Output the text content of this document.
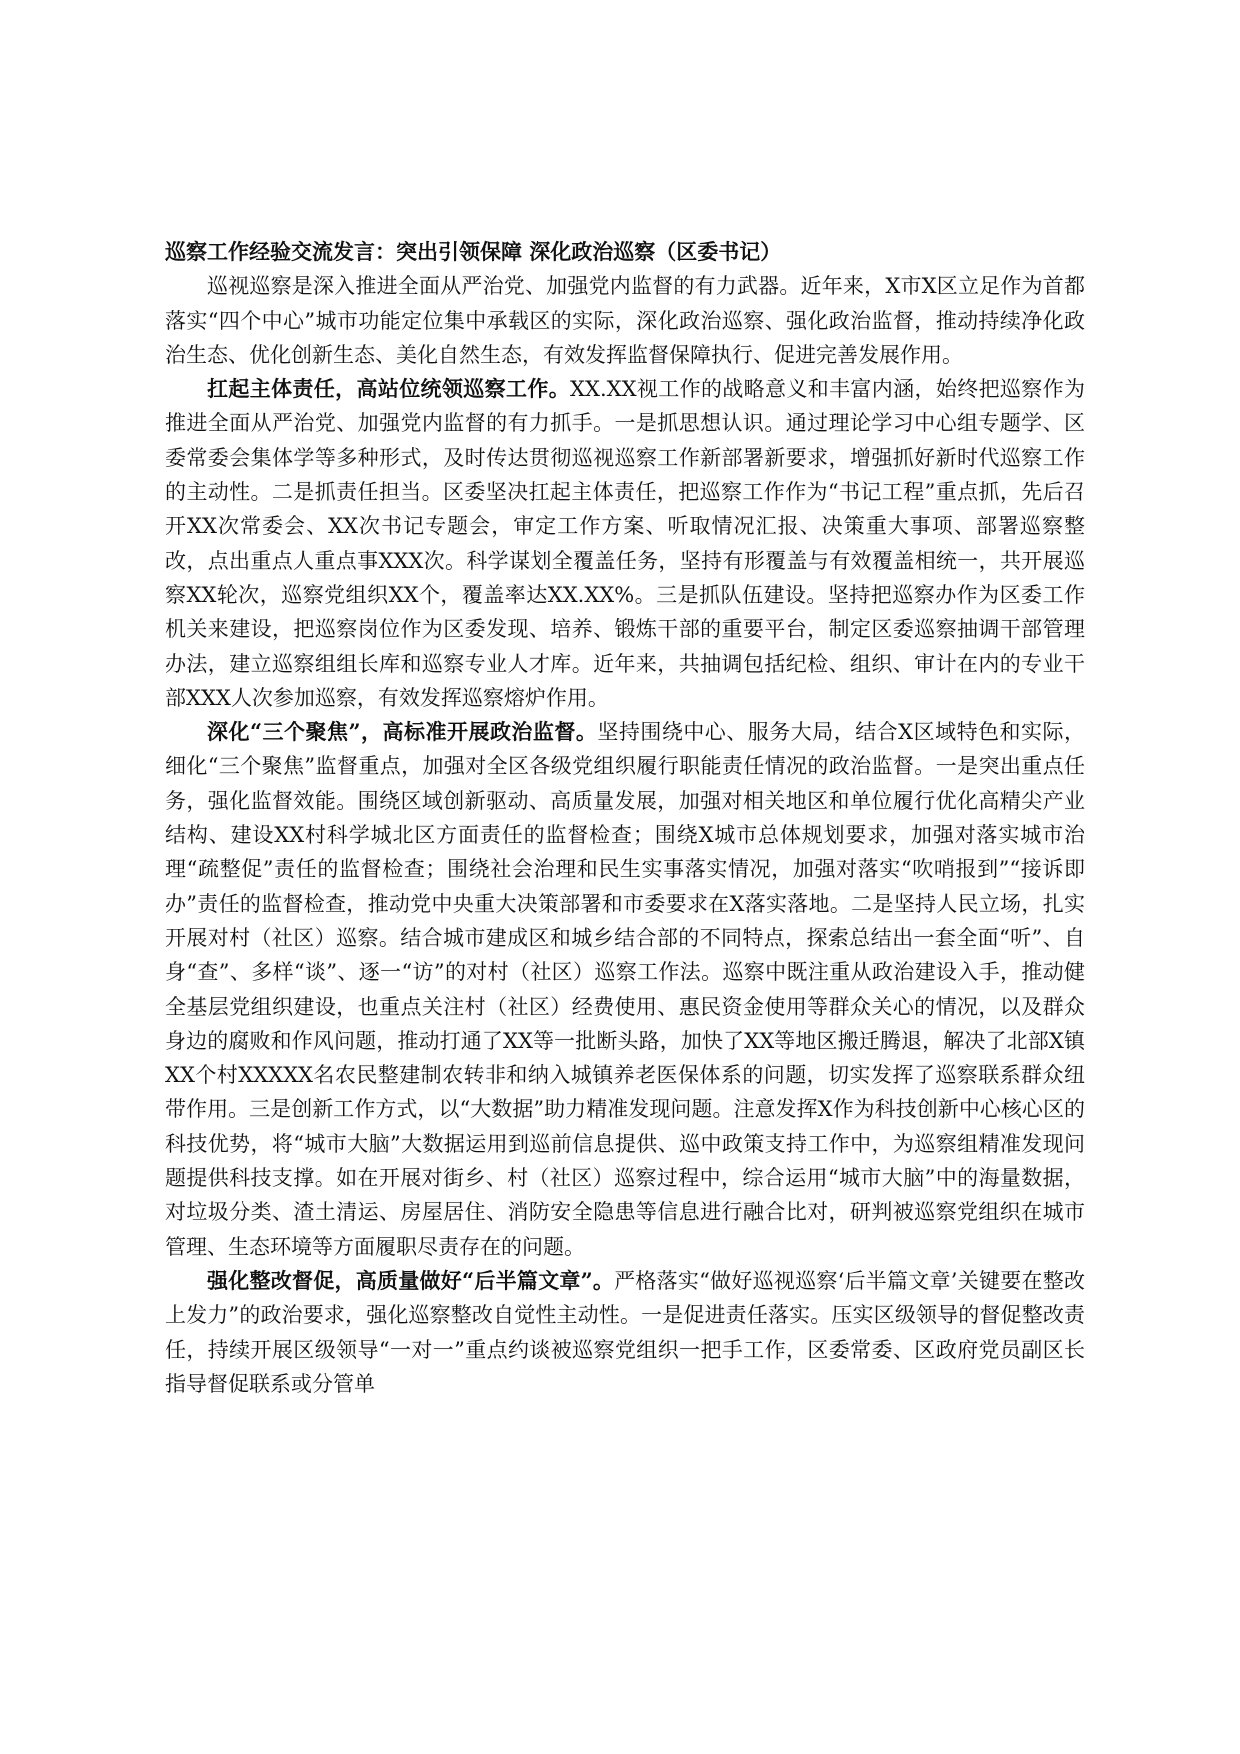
巡察工作经验交流发言：突出引领保障 深化政治巡察（区委书记）

巡视巡察是深入推进全面从严治党、加强党内监督的有力武器。近年来，X市X区立足作为首都落实“四个中心”城市功能定位集中承载区的实际，深化政治巡察、强化政治监督，推动持续净化政治生态、优化创新生态、美化自然生态，有效发挥监督保障执行、促进完善发展作用。

扛起主体责任，高站位统领巡察工作。XX.XX视工作的战略意义和丰富内涵，始终把巡察作为推进全面从严治党、加强党内监督的有力抓手。一是抓思想认识。通过理论学习中心组专题学、区委常委会集体学等多种形式，及时传达贯彻巡视巡察工作新部署新要求，增强抓好新时代巡察工作的主动性。二是抓责任担当。区委坚决扛起主体责任，把巡察工作作为“书记工程”重点抓，先后召开XX次常委会、XX次书记专题会，审定工作方案、听取情况汇报、决策重大事项、部署巡察整改，点出重点人重点事XXX次。科学谋划全覆盖任务，坚持有形覆盖与有效覆盖相统一，共开展巡察XX轮次，巡察党组织XX个，覆盖率达XX.XX%。三是抓队伍建设。坚持把巡察办作为区委工作机关来建设，把巡察岗位作为区委发现、培养、锻炼干部的重要平台，制定区委巡察抽调干部管理办法，建立巡察组组长库和巡察专业人才库。近年来，共抽调包括纪检、组织、审计在内的专业干部XXX人次参加巡察，有效发挥巡察熔炉作用。

深化“三个聚焦”，高标准开展政治监督。坚持围绕中心、服务大局，结合X区域特色和实际，细化“三个聚焦”监督重点，加强对全区各级党组织履行职能责任情况的政治监督。一是突出重点任务，强化监督效能。围绕区域创新驱动、高质量发展，加强对相关地区和单位履行优化高精尖产业结构、建设XX村科学城北区方面责任的监督检查；围绕X城市总体规划要求，加强对落实城市治理“疏整促”责任的监督检查；围绕社会治理和民生实事落实情况，加强对落实“吹哨报到”“接诉即办”责任的监督检查，推动党中央重大决策部署和市委要求在X落实落地。二是坚持人民立场，扎实开展对村（社区）巡察。结合城市建成区和城乡结合部的不同特点，探索总结出一套全面“听”、自身“查”、多样“谈”、逐一“访”的对村（社区）巡察工作法。巡察中既注重从政治建设入手，推动健全基层党组织建设，也重点关注村（社区）经费使用、惠民资金使用等群众关心的情况，以及群众身边的腐败和作风问题，推动打通了XX等一批断头路，加快了XX等地区搬迁腾退，解决了北部X镇XX个村XXXXX名农民整建制农转非和纳入城镇养老医保体系的问题，切实发挥了巡察联系群众纽带作用。三是创新工作方式，以“大数据”助力精准发现问题。注意发挥X作为科技创新中心核心区的科技优势，将“城市大脑”大数据运用到巡前信息提供、巡中政策支持工作中，为巡察组精准发现问题提供科技支撑。如在开展对街乡、村（社区）巡察过程中，综合运用“城市大脑”中的海量数据，对垃圾分类、渣土清运、房屋居住、消防安全隐患等信息进行融合比对，研判被巡察党组织在城市管理、生态环境等方面履职尽责存在的问题。

强化整改督促，高质量做好“后半篇文章”。严格落实“做好巡视巡察‘后半篇文章’关键要在整改上发力”的政治要求，强化巡察整改自觉性主动性。一是促进责任落实。压实区级领导的督促整改责任，持续开展区级领导“一对一”重点约谈被巡察党组织一把手工作，区委常委、区政府党员副区长指导督促联系或分管单
